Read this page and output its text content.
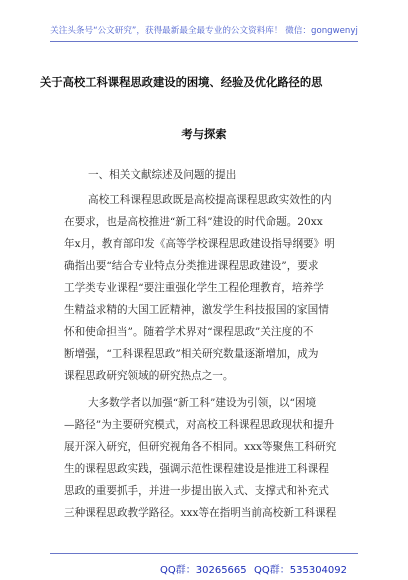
关注头条号“公文研究”，获得最新最全最专业的公文资料库！ 微信：gongwenyj
关于高校工科课程思政建设的困境、经验及优化路径的思
考与探索
一、相关文献综述及问题的提出
高校工科课程思政既是高校提高课程思政实效性的内
在要求，也是高校推进“新工科”建设的时代命题。20xx
年x月，教育部印发《高等学校课程思政建设指导纲要》明
确指出要“结合专业特点分类推进课程思政建设”，要求
工学类专业课程“要注重强化学生工程伦理教育，培养学
生精益求精的大国工匠精神，激发学生科技报国的家国情
怀和使命担当”。随着学术界对“课程思政”关注度的不
断增强，“工科课程思政”相关研究数量逐渐增加，成为
课程思政研究领域的研究热点之一。
大多数学者以加强“新工科”建设为引领，以“困境
—路径”为主要研究模式，对高校工科课程思政现状和提升
展开深入研究，但研究视角各不相同。xxx等聚焦工科研究
生的课程思政实践，强调示范性课程建设是推进工科课程
思政的重要抓手，并进一步提出嵌入式、支撑式和补充式
三种课程思政教学路径。xxx等在指明当前高校新工科课程
QQ群：30265665 QQ群：535304092
